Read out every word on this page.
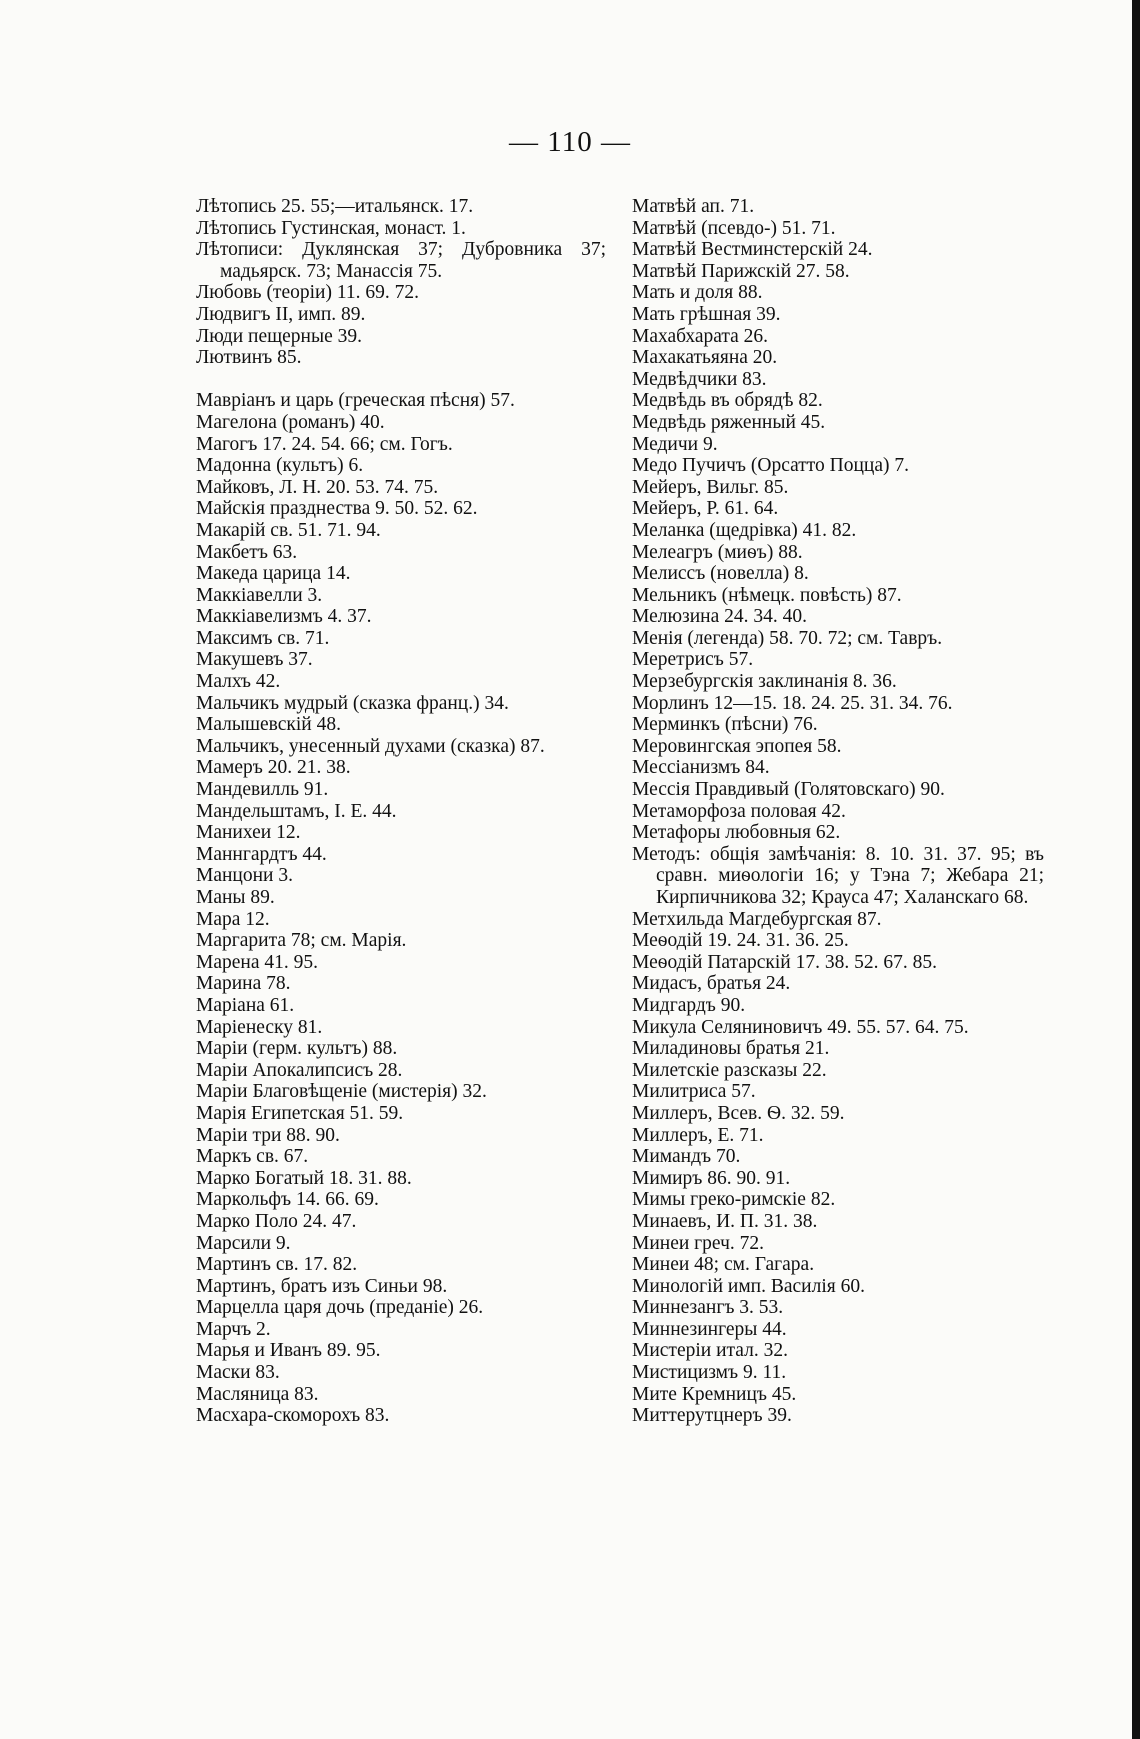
— 110 —
Лѣтопись 25. 55;—итальянск. 17.
Лѣтопись Густинская, монаст. 1.
Лѣтописи: Дуклянская 37; Дубровника 37; мадьярск. 73; Манассія 75.
Любовь (теоріи) 11. 69. 72.
Людвигъ II, имп. 89.
Люди пещерные 39.
Лютвинъ 85.
Мавріанъ и царь (греческая пѣсня) 57.
Магелона (романъ) 40.
Магогъ 17. 24. 54. 66; см. Гогъ.
Мадонна (культъ) 6.
Майковъ, Л. Н. 20. 53. 74. 75.
Майскія празднества 9. 50. 52. 62.
Макарій св. 51. 71. 94.
Макбетъ 63.
Македа царица 14.
Маккіавелли 3.
Маккіавелизмъ 4. 37.
Максимъ св. 71.
Макушевъ 37.
Малхъ 42.
Мальчикъ мудрый (сказка франц.) 34.
Малышевскій 48.
Мальчикъ, унесенный духами (сказка) 87.
Мамеръ 20. 21. 38.
Мандевилль 91.
Мандельштамъ, І. Е. 44.
Манихеи 12.
Маннгардтъ 44.
Манцони 3.
Маны 89.
Мара 12.
Маргарита 78; см. Марія.
Марена 41. 95.
Марина 78.
Маріана 61.
Маріенеску 81.
Маріи (герм. культъ) 88.
Маріи Апокалипсисъ 28.
Маріи Благовѣщеніе (мистерія) 32.
Марія Египетская 51. 59.
Маріи три 88. 90.
Маркъ св. 67.
Марко Богатый 18. 31. 88.
Маркольфъ 14. 66. 69.
Марко Поло 24. 47.
Марсили 9.
Мартинъ св. 17. 82.
Мартинъ, братъ изъ Синьи 98.
Марцелла царя дочь (преданіе) 26.
Марчъ 2.
Марья и Иванъ 89. 95.
Маски 83.
Масляница 83.
Масхара-скоморохъ 83.
Матвѣй ап. 71.
Матвѣй (псевдо-) 51. 71.
Матвѣй Вестминстерскій 24.
Матвѣй Парижскій 27. 58.
Мать и доля 88.
Мать грѣшная 39.
Махабхарата 26.
Махакатьяяна 20.
Медвѣдчики 83.
Медвѣдь въ обрядѣ 82.
Медвѣдь ряженный 45.
Медичи 9.
Медо Пучичъ (Орсатто Поцца) 7.
Мейеръ, Вильг. 85.
Мейеръ, Р. 61. 64.
Меланка (щедрівка) 41. 82.
Мелеагръ (миѳъ) 88.
Мелиссъ (новелла) 8.
Мельникъ (нѣмецк. повѣсть) 87.
Мелюзина 24. 34. 40.
Менія (легенда) 58. 70. 72; см. Тавръ.
Меретрисъ 57.
Мерзебургскія заклинанія 8. 36.
Морлинъ 12—15. 18. 24. 25. 31. 34. 76.
Мерминкъ (пѣсни) 76.
Меровингская эпопея 58.
Мессіанизмъ 84.
Мессія Правдивый (Голятовскаго) 90.
Метаморфоза половая 42.
Метафоры любовныя 62.
Методъ: общія замѣчанія: 8. 10. 31. 37. 95; въ сравн. миѳологіи 16; у Тэна 7; Жебара 21; Кирпичникова 32; Крауса 47; Халанскаго 68.
Метхильда Магдебургская 87.
Меѳодій 19. 24. 31. 36. 25.
Меѳодій Патарскій 17. 38. 52. 67. 85.
Мидасъ, братья 24.
Мидгардъ 90.
Микула Селяниновичъ 49. 55. 57. 64. 75.
Миладиновы братья 21.
Милетскіе разсказы 22.
Милитриса 57.
Миллеръ, Всев. Ѳ. 32. 59.
Миллеръ, Е. 71.
Мимандъ 70.
Мимиръ 86. 90. 91.
Мимы греко-римскіе 82.
Минаевъ, И. П. 31. 38.
Минеи греч. 72.
Минеи 48; см. Гагара.
Минологій имп. Василія 60.
Миннезангъ 3. 53.
Миннезингеры 44.
Мистеріи итал. 32.
Мистицизмъ 9. 11.
Мите Кремницъ 45.
Миттерутцнеръ 39.
